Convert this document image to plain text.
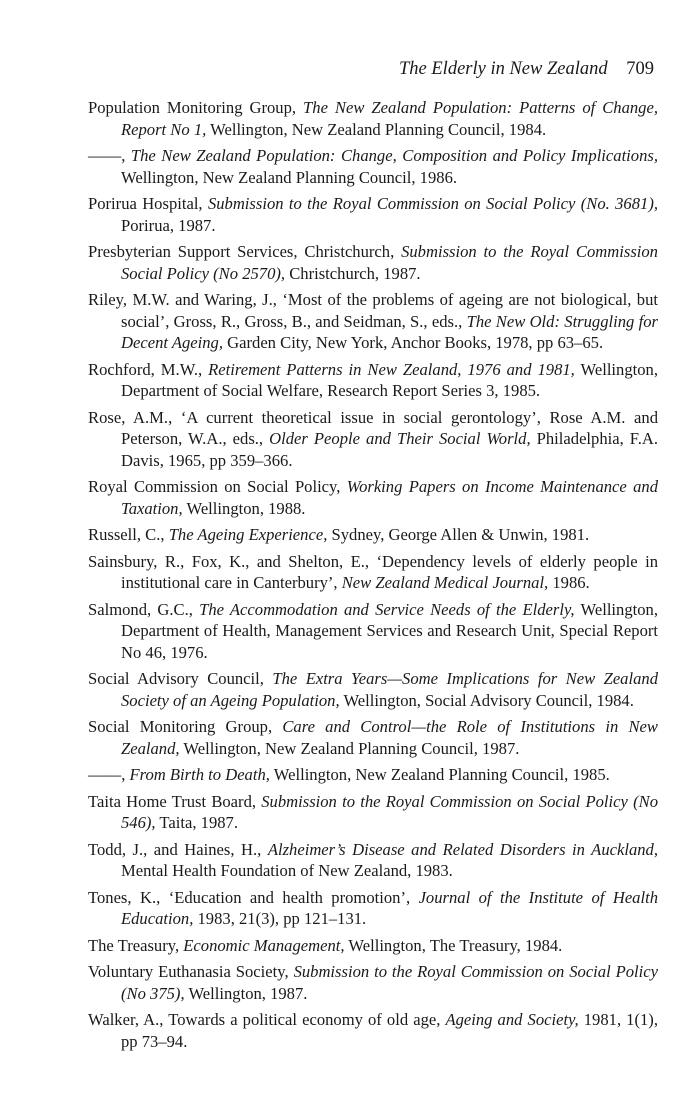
The Elderly in New Zealand 709

Population Monitoring Group, The New Zealand Population: Patterns of Change, Report No 1, Wellington, New Zealand Planning Council, 1984.

——, The New Zealand Population: Change, Composition and Policy Implications, Wellington, New Zealand Planning Council, 1986.

Porirua Hospital, Submission to the Royal Commission on Social Policy (No. 3681), Porirua, 1987.

Presbyterian Support Services, Christchurch, Submission to the Royal Commission Social Policy (No 2570), Christchurch, 1987.

Riley, M.W. and Waring, J., ‘Most of the problems of ageing are not biological, but social’, Gross, R., Gross, B., and Seidman, S., eds., The New Old: Struggling for Decent Ageing, Garden City, New York, Anchor Books, 1978, pp 63–65.

Rochford, M.W., Retirement Patterns in New Zealand, 1976 and 1981, Wellington, Department of Social Welfare, Research Report Series 3, 1985.

Rose, A.M., ‘A current theoretical issue in social gerontology’, Rose A.M. and Peterson, W.A., eds., Older People and Their Social World, Philadelphia, F.A. Davis, 1965, pp 359–366.

Royal Commission on Social Policy, Working Papers on Income Maintenance and Taxation, Wellington, 1988.

Russell, C., The Ageing Experience, Sydney, George Allen & Unwin, 1981.

Sainsbury, R., Fox, K., and Shelton, E., ‘Dependency levels of elderly people in institutional care in Canterbury’, New Zealand Medical Journal, 1986.

Salmond, G.C., The Accommodation and Service Needs of the Elderly, Wellington, Department of Health, Management Services and Research Unit, Special Report No 46, 1976.

Social Advisory Council, The Extra Years—Some Implications for New Zealand Society of an Ageing Population, Wellington, Social Advisory Council, 1984.

Social Monitoring Group, Care and Control—the Role of Institutions in New Zealand, Wellington, New Zealand Planning Council, 1987.

——, From Birth to Death, Wellington, New Zealand Planning Council, 1985.

Taita Home Trust Board, Submission to the Royal Commission on Social Policy (No 546), Taita, 1987.

Todd, J., and Haines, H., Alzheimer’s Disease and Related Disorders in Auckland, Mental Health Foundation of New Zealand, 1983.

Tones, K., ‘Education and health promotion’, Journal of the Institute of Health Education, 1983, 21(3), pp 121–131.

The Treasury, Economic Management, Wellington, The Treasury, 1984.

Voluntary Euthanasia Society, Submission to the Royal Commission on Social Policy (No 375), Wellington, 1987.

Walker, A., Towards a political economy of old age, Ageing and Society, 1981, 1(1), pp 73–94.
